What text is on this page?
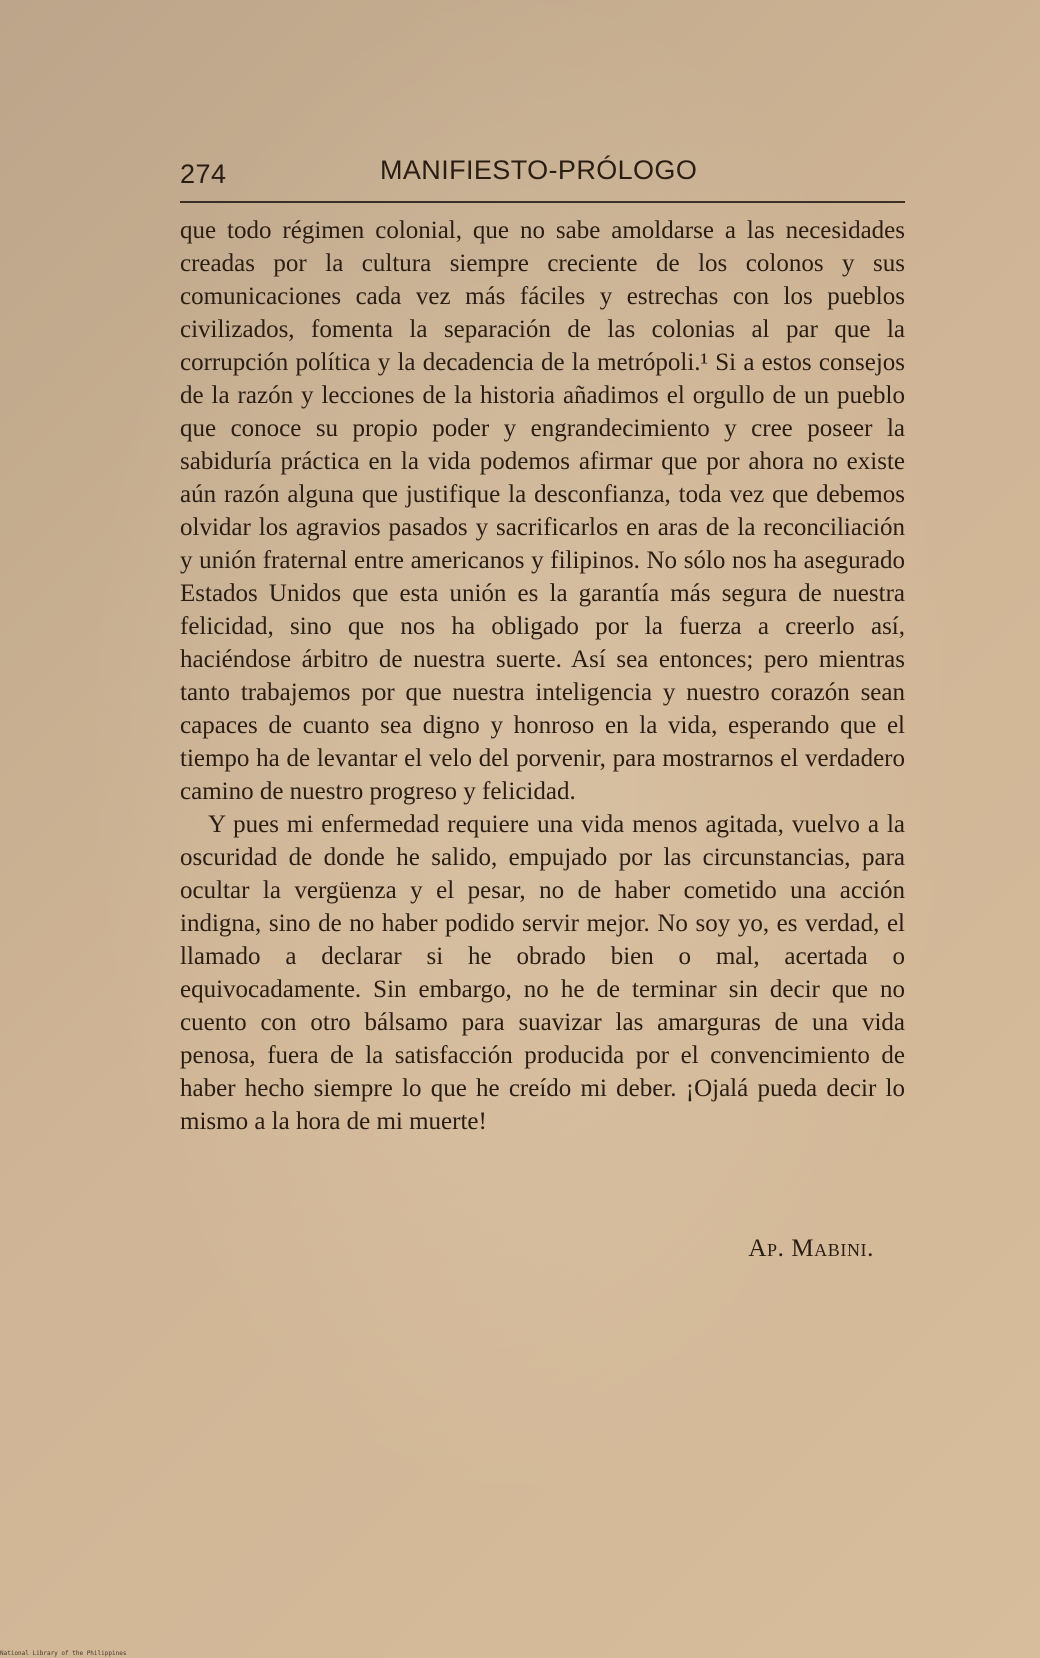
274	MANIFIESTO-PRÓLOGO

que todo régimen colonial, que no sabe amoldarse a las necesidades creadas por la cultura siempre creciente de los colonos y sus comunicaciones cada vez más fáciles y estrechas con los pueblos civilizados, fomenta la separación de las colonias al par que la corrupción política y la decadencia de la metrópoli.¹ Si a estos consejos de la razón y lecciones de la historia añadimos el orgullo de un pueblo que conoce su propio poder y engrandecimiento y cree poseer la sabiduría práctica en la vida podemos afirmar que por ahora no existe aún razón alguna que justifique la desconfianza, toda vez que debemos olvidar los agravios pasados y sacrificarlos en aras de la reconciliación y unión fraternal entre americanos y filipinos. No sólo nos ha asegurado Estados Unidos que esta unión es la garantía más segura de nuestra felicidad, sino que nos ha obligado por la fuerza a creerlo así, haciéndose árbitro de nuestra suerte. Así sea entonces; pero mientras tanto trabajemos por que nuestra inteligencia y nuestro corazón sean capaces de cuanto sea digno y honroso en la vida, esperando que el tiempo ha de levantar el velo del porvenir, para mostrarnos el verdadero camino de nuestro progreso y felicidad.

Y pues mi enfermedad requiere una vida menos agitada, vuelvo a la oscuridad de donde he salido, empujado por las circunstancias, para ocultar la vergüenza y el pesar, no de haber cometido una acción indigna, sino de no haber podido servir mejor. No soy yo, es verdad, el llamado a declarar si he obrado bien o mal, acertada o equivocadamente. Sin embargo, no he de terminar sin decir que no cuento con otro bálsamo para suavizar las amarguras de una vida penosa, fuera de la satisfacción producida por el convencimiento de haber hecho siempre lo que he creído mi deber. ¡Ojalá pueda decir lo mismo a la hora de mi muerte!

Ap. Mabini.
National Library of the Philippines
